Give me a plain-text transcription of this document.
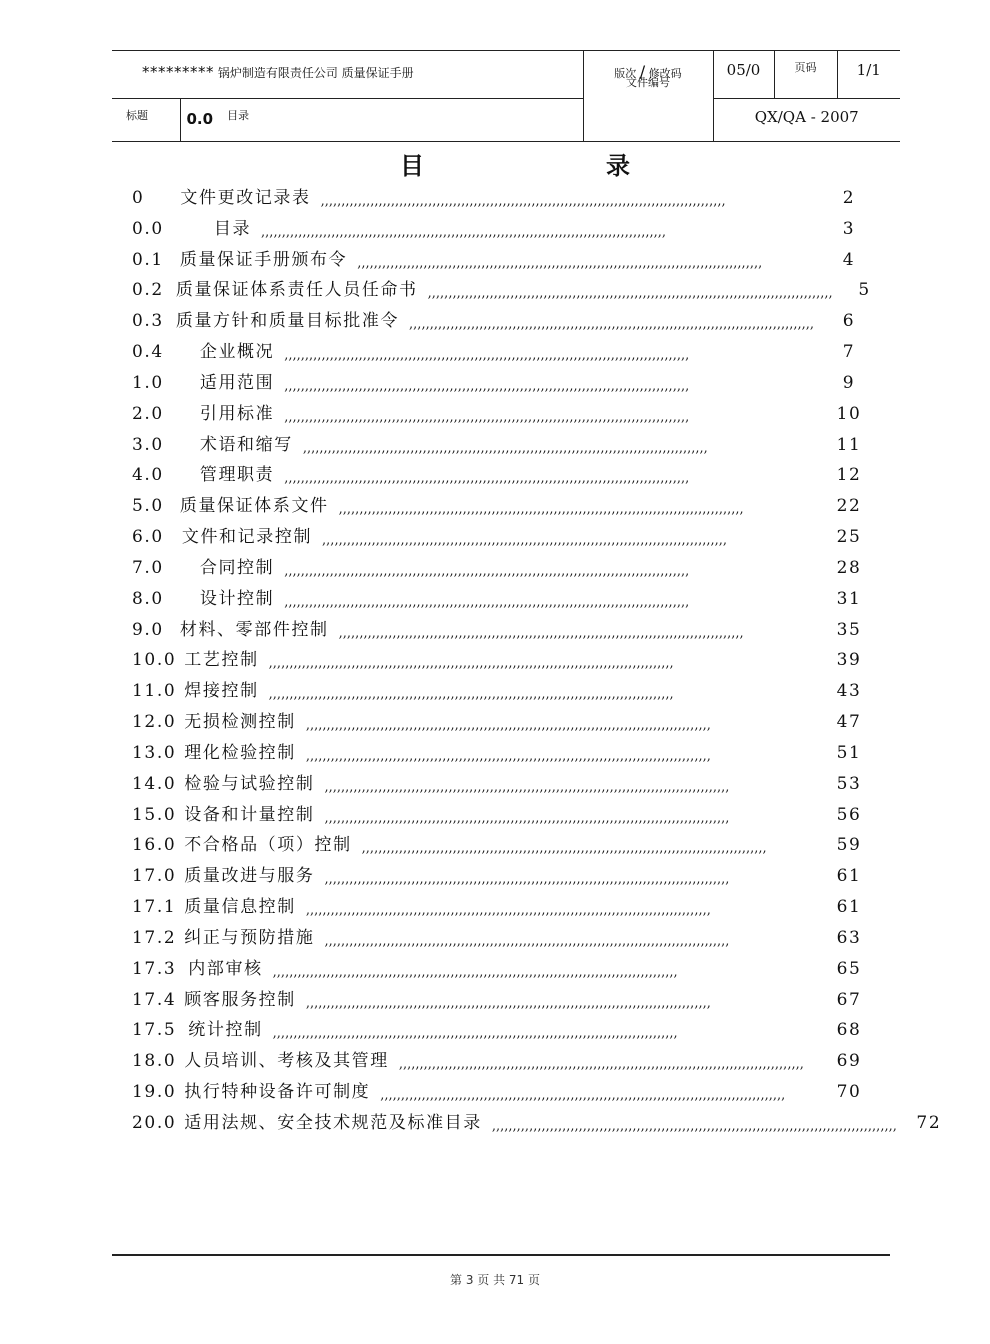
********* 锅炉制造有限责任公司 质量保证手册		版次 / 修改码
文件编号	05/0	页码	1/1
标题	0.0 $^{目录}$		QX/QA - 2007		
目	录
0 文件更改记录表 ,,,,,,,,,,,,,,,,,,,,,,,,,,,,,,,,,,,,,,,,,,,,,,,,,,,,,,,,,,,,,,,,,,,,,,,,,,,,,,,,,,,,,,,,,,,,,,,,,,	2
0.0	目录 ,,,,,,,,,,,,,,,,,,,,,,,,,,,,,,,,,,,,,,,,,,,,,,,,,,,,,,,,,,,,,,,,,,,,,,,,,,,,,,,,,,,,,,,,,,,,,,,,,,	3
0.1 质量保证手册颁布令 ,,,,,,,,,,,,,,,,,,,,,,,,,,,,,,,,,,,,,,,,,,,,,,,,,,,,,,,,,,,,,,,,,,,,,,,,,,,,,,,,,,,,,,,,,,,,,,,,,,	4
0.2 质量保证体系责任人员任命书 ,,,,,,,,,,,,,,,,,,,,,,,,,,,,,,,,,,,,,,,,,,,,,,,,,,,,,,,,,,,,,,,,,,,,,,,,,,,,,,,,,,,,,,,,,,,,,,,,,,	5
0.3 质量方针和质量目标批准令 ,,,,,,,,,,,,,,,,,,,,,,,,,,,,,,,,,,,,,,,,,,,,,,,,,,,,,,,,,,,,,,,,,,,,,,,,,,,,,,,,,,,,,,,,,,,,,,,,,,	6
0.4 企业概况 ,,,,,,,,,,,,,,,,,,,,,,,,,,,,,,,,,,,,,,,,,,,,,,,,,,,,,,,,,,,,,,,,,,,,,,,,,,,,,,,,,,,,,,,,,,,,,,,,,,	7
1.0 适用范围 ,,,,,,,,,,,,,,,,,,,,,,,,,,,,,,,,,,,,,,,,,,,,,,,,,,,,,,,,,,,,,,,,,,,,,,,,,,,,,,,,,,,,,,,,,,,,,,,,,,	9
2.0 引用标准 ,,,,,,,,,,,,,,,,,,,,,,,,,,,,,,,,,,,,,,,,,,,,,,,,,,,,,,,,,,,,,,,,,,,,,,,,,,,,,,,,,,,,,,,,,,,,,,,,,,	10
3.0 术语和缩写 ,,,,,,,,,,,,,,,,,,,,,,,,,,,,,,,,,,,,,,,,,,,,,,,,,,,,,,,,,,,,,,,,,,,,,,,,,,,,,,,,,,,,,,,,,,,,,,,,,,	11
4.0 管理职责 ,,,,,,,,,,,,,,,,,,,,,,,,,,,,,,,,,,,,,,,,,,,,,,,,,,,,,,,,,,,,,,,,,,,,,,,,,,,,,,,,,,,,,,,,,,,,,,,,,,	12
5.0 质量保证体系文件 ,,,,,,,,,,,,,,,,,,,,,,,,,,,,,,,,,,,,,,,,,,,,,,,,,,,,,,,,,,,,,,,,,,,,,,,,,,,,,,,,,,,,,,,,,,,,,,,,,,	22
6.0 文件和记录控制 ,,,,,,,,,,,,,,,,,,,,,,,,,,,,,,,,,,,,,,,,,,,,,,,,,,,,,,,,,,,,,,,,,,,,,,,,,,,,,,,,,,,,,,,,,,,,,,,,,,	25
7.0 合同控制 ,,,,,,,,,,,,,,,,,,,,,,,,,,,,,,,,,,,,,,,,,,,,,,,,,,,,,,,,,,,,,,,,,,,,,,,,,,,,,,,,,,,,,,,,,,,,,,,,,,	28
8.0 设计控制 ,,,,,,,,,,,,,,,,,,,,,,,,,,,,,,,,,,,,,,,,,,,,,,,,,,,,,,,,,,,,,,,,,,,,,,,,,,,,,,,,,,,,,,,,,,,,,,,,,,	31
9.0 材料、零部件控制 ,,,,,,,,,,,,,,,,,,,,,,,,,,,,,,,,,,,,,,,,,,,,,,,,,,,,,,,,,,,,,,,,,,,,,,,,,,,,,,,,,,,,,,,,,,,,,,,,,,	35
10.0 工艺控制 ,,,,,,,,,,,,,,,,,,,,,,,,,,,,,,,,,,,,,,,,,,,,,,,,,,,,,,,,,,,,,,,,,,,,,,,,,,,,,,,,,,,,,,,,,,,,,,,,,,	39
11.0 焊接控制 ,,,,,,,,,,,,,,,,,,,,,,,,,,,,,,,,,,,,,,,,,,,,,,,,,,,,,,,,,,,,,,,,,,,,,,,,,,,,,,,,,,,,,,,,,,,,,,,,,,	43
12.0 无损检测控制 ,,,,,,,,,,,,,,,,,,,,,,,,,,,,,,,,,,,,,,,,,,,,,,,,,,,,,,,,,,,,,,,,,,,,,,,,,,,,,,,,,,,,,,,,,,,,,,,,,,	47
13.0 理化检验控制 ,,,,,,,,,,,,,,,,,,,,,,,,,,,,,,,,,,,,,,,,,,,,,,,,,,,,,,,,,,,,,,,,,,,,,,,,,,,,,,,,,,,,,,,,,,,,,,,,,,	51
14.0 检验与试验控制 ,,,,,,,,,,,,,,,,,,,,,,,,,,,,,,,,,,,,,,,,,,,,,,,,,,,,,,,,,,,,,,,,,,,,,,,,,,,,,,,,,,,,,,,,,,,,,,,,,,	53
15.0 设备和计量控制 ,,,,,,,,,,,,,,,,,,,,,,,,,,,,,,,,,,,,,,,,,,,,,,,,,,,,,,,,,,,,,,,,,,,,,,,,,,,,,,,,,,,,,,,,,,,,,,,,,,	56
16.0 不合格品（项）控制 ,,,,,,,,,,,,,,,,,,,,,,,,,,,,,,,,,,,,,,,,,,,,,,,,,,,,,,,,,,,,,,,,,,,,,,,,,,,,,,,,,,,,,,,,,,,,,,,,,,	59
17.0 质量改进与服务 ,,,,,,,,,,,,,,,,,,,,,,,,,,,,,,,,,,,,,,,,,,,,,,,,,,,,,,,,,,,,,,,,,,,,,,,,,,,,,,,,,,,,,,,,,,,,,,,,,,	61
17.1 质量信息控制 ,,,,,,,,,,,,,,,,,,,,,,,,,,,,,,,,,,,,,,,,,,,,,,,,,,,,,,,,,,,,,,,,,,,,,,,,,,,,,,,,,,,,,,,,,,,,,,,,,,	61
17.2 纠正与预防措施 ,,,,,,,,,,,,,,,,,,,,,,,,,,,,,,,,,,,,,,,,,,,,,,,,,,,,,,,,,,,,,,,,,,,,,,,,,,,,,,,,,,,,,,,,,,,,,,,,,,	63
17.3 内部审核 ,,,,,,,,,,,,,,,,,,,,,,,,,,,,,,,,,,,,,,,,,,,,,,,,,,,,,,,,,,,,,,,,,,,,,,,,,,,,,,,,,,,,,,,,,,,,,,,,,,	65
17.4 顾客服务控制 ,,,,,,,,,,,,,,,,,,,,,,,,,,,,,,,,,,,,,,,,,,,,,,,,,,,,,,,,,,,,,,,,,,,,,,,,,,,,,,,,,,,,,,,,,,,,,,,,,,	67
17.5 统计控制 ,,,,,,,,,,,,,,,,,,,,,,,,,,,,,,,,,,,,,,,,,,,,,,,,,,,,,,,,,,,,,,,,,,,,,,,,,,,,,,,,,,,,,,,,,,,,,,,,,,	68
18.0 人员培训、考核及其管理 ,,,,,,,,,,,,,,,,,,,,,,,,,,,,,,,,,,,,,,,,,,,,,,,,,,,,,,,,,,,,,,,,,,,,,,,,,,,,,,,,,,,,,,,,,,,,,,,,,,	69
19.0 执行特种设备许可制度 ,,,,,,,,,,,,,,,,,,,,,,,,,,,,,,,,,,,,,,,,,,,,,,,,,,,,,,,,,,,,,,,,,,,,,,,,,,,,,,,,,,,,,,,,,,,,,,,,,,	70
20.0 适用法规、安全技术规范及标准目录 ,,,,,,,,,,,,,,,,,,,,,,,,,,,,,,,,,,,,,,,,,,,,,,,,,,,,,,,,,,,,,,,,,,,,,,,,,,,,,,,,,,,,,,,,,,,,,,,,,,	72
第 3 页 共 71 页
